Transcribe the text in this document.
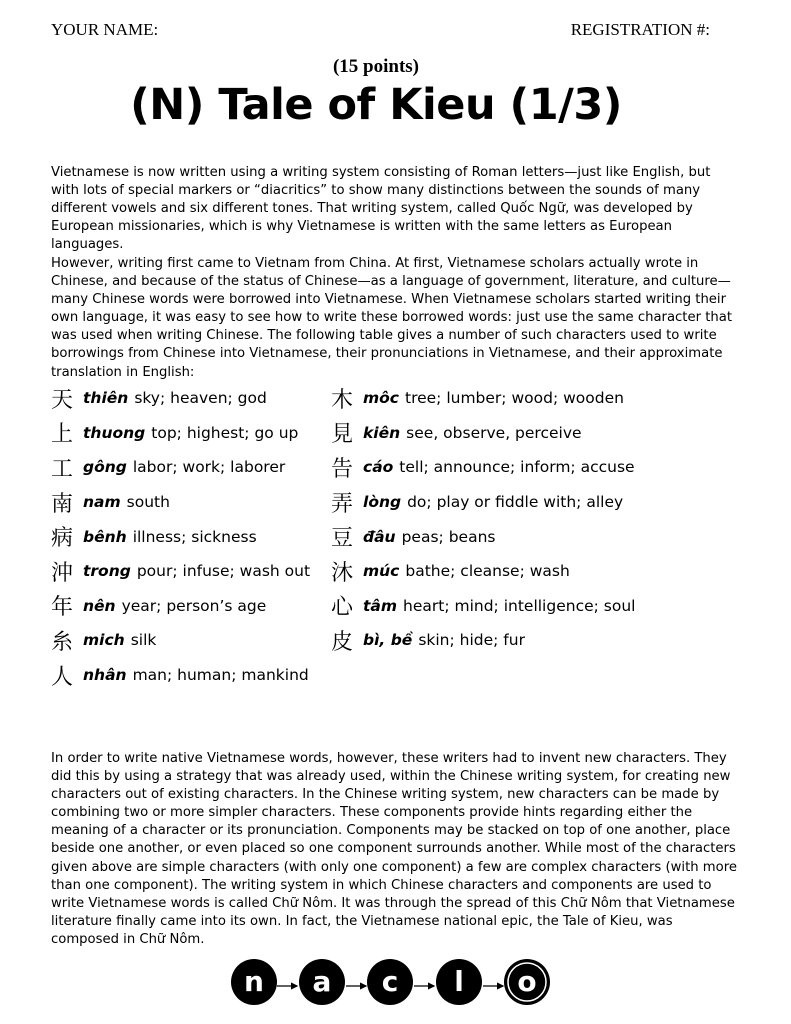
YOUR NAME:	REGISTRATION #:
(15 points)
(N) Tale of Kieu (1/3)

Vietnamese is now written using a writing system consisting of Roman letters—just like English, but with lots of special markers or “diacritics” to show many distinctions between the sounds of many different vowels and six different tones. That writing system, called Quốc Ngữ, was developed by European missionaries, which is why Vietnamese is written with the same letters as European languages.

However, writing first came to Vietnam from China. At first, Vietnamese scholars actually wrote in Chinese, and because of the status of Chinese—as a language of government, literature, and culture—many Chinese words were borrowed into Vietnamese. When Vietnamese scholars started writing their own language, it was easy to see how to write these borrowed words: just use the same character that was used when writing Chinese. The following table gives a number of such characters used to write borrowings from Chinese into Vietnamese, their pronunciations in Vietnamese, and their approximate translation in English:

天 thiên sky; heaven; god
上 thuong top; highest; go up
工 gông labor; work; laborer
南 nam south
病 bênh illness; sickness
沖 trong pour; infuse; wash out
年 nên year; person’s age
糸 mich silk
人 nhân man; human; mankind
木 môc tree; lumber; wood; wooden
見 kiên see, observe, perceive
告 cáo tell; announce; inform; accuse
弄 lòng do; play or fiddle with; alley
豆 đâu peas; beans
沐 múc bathe; cleanse; wash
心 tâm heart; mind; intelligence; soul
皮 bì, bề skin; hide; fur

In order to write native Vietnamese words, however, these writers had to invent new characters. They did this by using a strategy that was already used, within the Chinese writing system, for creating new characters out of existing characters. In the Chinese writing system, new characters can be made by combining two or more simpler characters. These components provide hints regarding either the meaning of a character or its pronunciation. Components may be stacked on top of one another, place beside one another, or even placed so one component surrounds another. While most of the characters given above are simple characters (with only one component) a few are complex characters (with more than one component). The writing system in which Chinese characters and components are used to write Vietnamese words is called Chữ Nôm. It was through the spread of this Chữ Nôm that Vietnamese literature finally came into its own. In fact, the Vietnamese national epic, the Tale of Kieu, was composed in Chữ Nôm.

n a c l o
